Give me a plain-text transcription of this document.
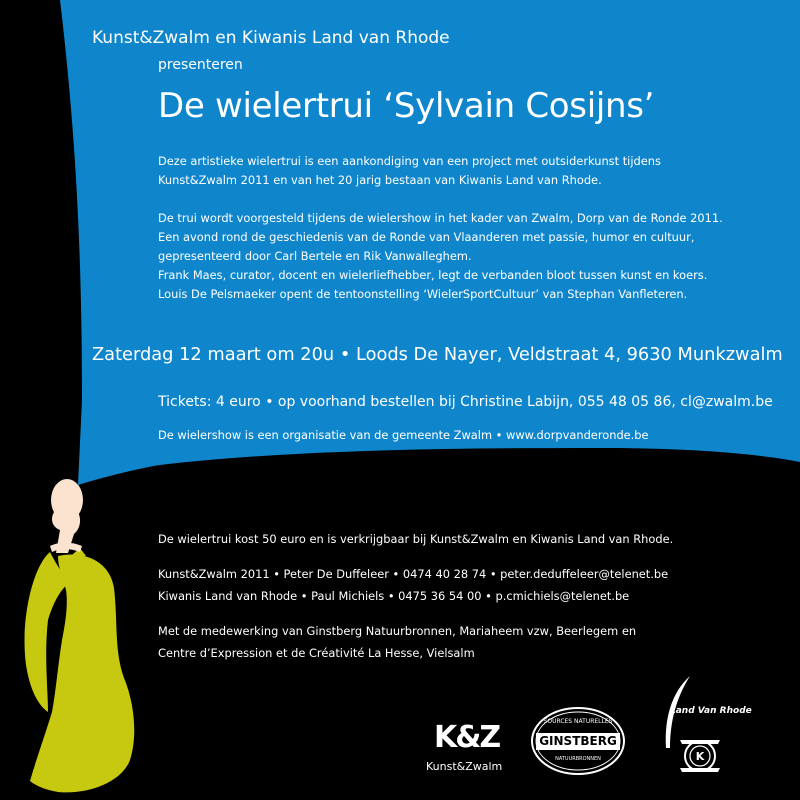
Kunst&Zwalm en Kiwanis Land van Rhode

presenteren

De wielertrui ‘Sylvain Cosijns’
Deze artistieke wielertrui is een aankondiging van een project met outsiderkunst tijdens
Kunst&Zwalm 2011 en van het 20 jarig bestaan van Kiwanis Land van Rhode.
De trui wordt voorgesteld tijdens de wielershow in het kader van Zwalm, Dorp van de Ronde 2011.
Een avond rond de geschiedenis van de Ronde van Vlaanderen met passie, humor en cultuur,
gepresenteerd door Carl Bertele en Rik Vanwalleghem.
Frank Maes, curator, docent en wielerliefhebber, legt de verbanden bloot tussen kunst en koers.
Louis De Pelsmaeker opent de tentoonstelling ‘WielerSportCultuur’ van Stephan Vanfleteren.

Zaterdag 12 maart om 20u • Loods De Nayer, Veldstraat 4, 9630 Munkzwalm

Tickets: 4 euro • op voorhand bestellen bij Christine Labijn, 055 48 05 86, cl@zwalm.be

De wielershow is een organisatie van de gemeente Zwalm • www.dorpvanderonde.be

De wielertrui kost 50 euro en is verkrijgbaar bij Kunst&Zwalm en Kiwanis Land van Rhode.

Kunst&Zwalm 2011 • Peter De Duffeleer • 0474 40 28 74 • peter.deduffeleer@telenet.be
Kiwanis Land van Rhode • Paul Michiels • 0475 36 54 00 • p.cmichiels@telenet.be
Met de medewerking van Ginstberg Natuurbronnen, Mariaheem vzw, Beerlegem en
Centre d’Expression et de Créativité La Hesse, Vielsalm
K&Z
Kunst&Zwalm
SOURCES NATURELLES
GINSTBERG
NATUURBRONNEN	K
Land Van Rhode
